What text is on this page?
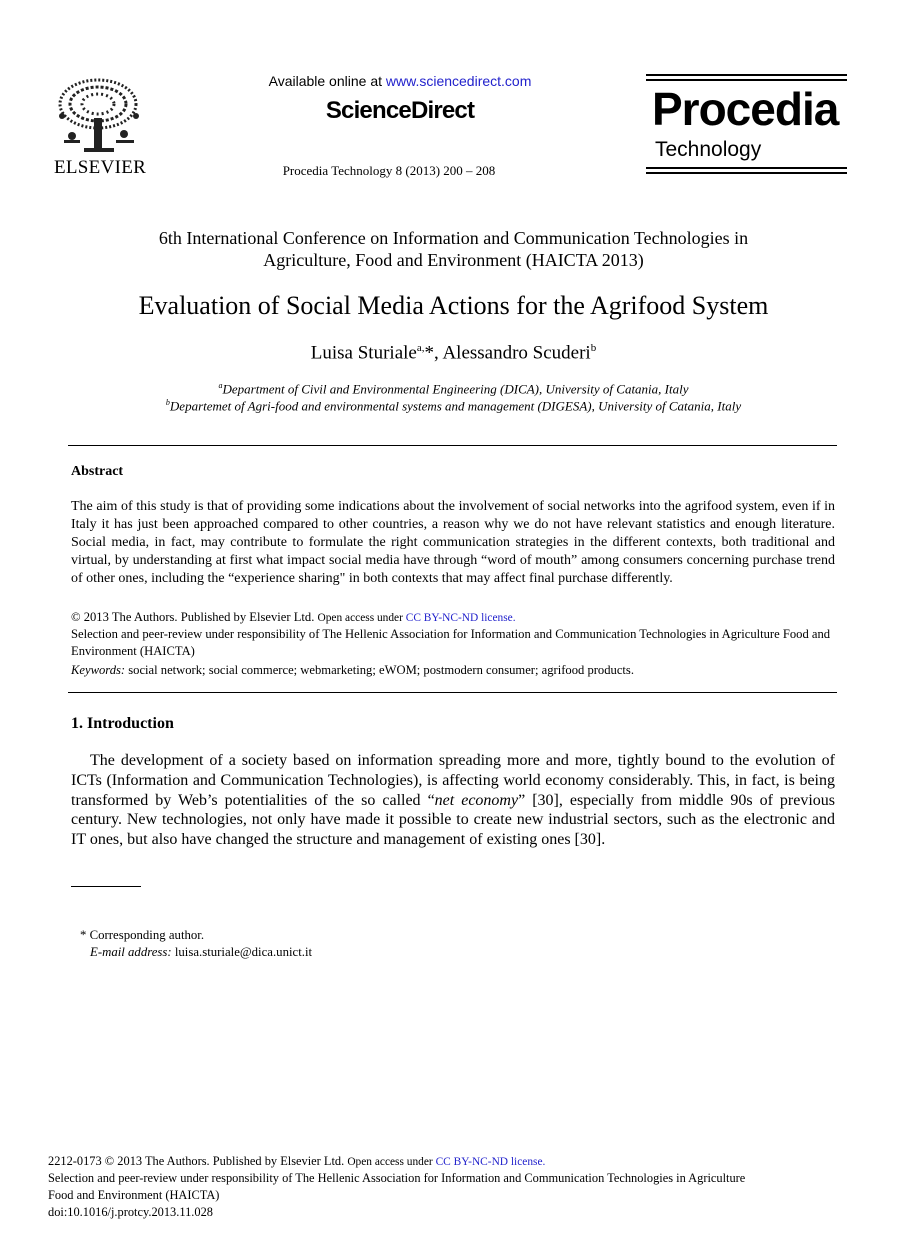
ELSEVIER
Available online at www.sciencedirect.com
ScienceDirect
Procedia Technology 8 (2013) 200 – 208
Procedia
Technology
6th International Conference on Information and Communication Technologies in
Agriculture, Food and Environment (HAICTA 2013)
Evaluation of Social Media Actions for the Agrifood System
Luisa Sturiale$^{a,}$*, Alessandro Scuderi$^b$
$^a$Department of Civil and Environmental Engineering (DICA), University of Catania, Italy
$^b$Departemet of Agri-food and environmental systems and management (DIGESA), University of Catania, Italy
Abstract
The aim of this study is that of providing some indications about the involvement of social networks into the agrifood system, even if in Italy it has just been approached compared to other countries, a reason why we do not have relevant statistics and enough literature. Social media, in fact, may contribute to formulate the right communication strategies in the different contexts, both traditional and virtual, by understanding at first what impact social media have through “word of mouth” among consumers concerning purchase trend of other ones, including the “experience sharing" in both contexts that may affect final purchase differently.
© 2013 The Authors. Published by Elsevier Ltd. Open access under CC BY-NC-ND license.
Selection and peer-review under responsibility of The Hellenic Association for Information and Communication Technologies in Agriculture Food and Environment (HAICTA)
Keywords: social network; social commerce; webmarketing; eWOM; postmodern consumer; agrifood products.
1. Introduction
The development of a society based on information spreading more and more, tightly bound to the evolution of ICTs (Information and Communication Technologies), is affecting world economy considerably. This, in fact, is being transformed by Web’s potentialities of the so called “net economy” [30], especially from middle 90s of previous century. New technologies, not only have made it possible to create new industrial sectors, such as the electronic and IT ones, but also have changed the structure and management of existing ones [30].
* Corresponding author.
E-mail address: luisa.sturiale@dica.unict.it
2212-0173 © 2013 The Authors. Published by Elsevier Ltd. Open access under CC BY-NC-ND license.
Selection and peer-review under responsibility of The Hellenic Association for Information and Communication Technologies in Agriculture
Food and Environment (HAICTA)
doi:10.1016/j.protcy.2013.11.028
